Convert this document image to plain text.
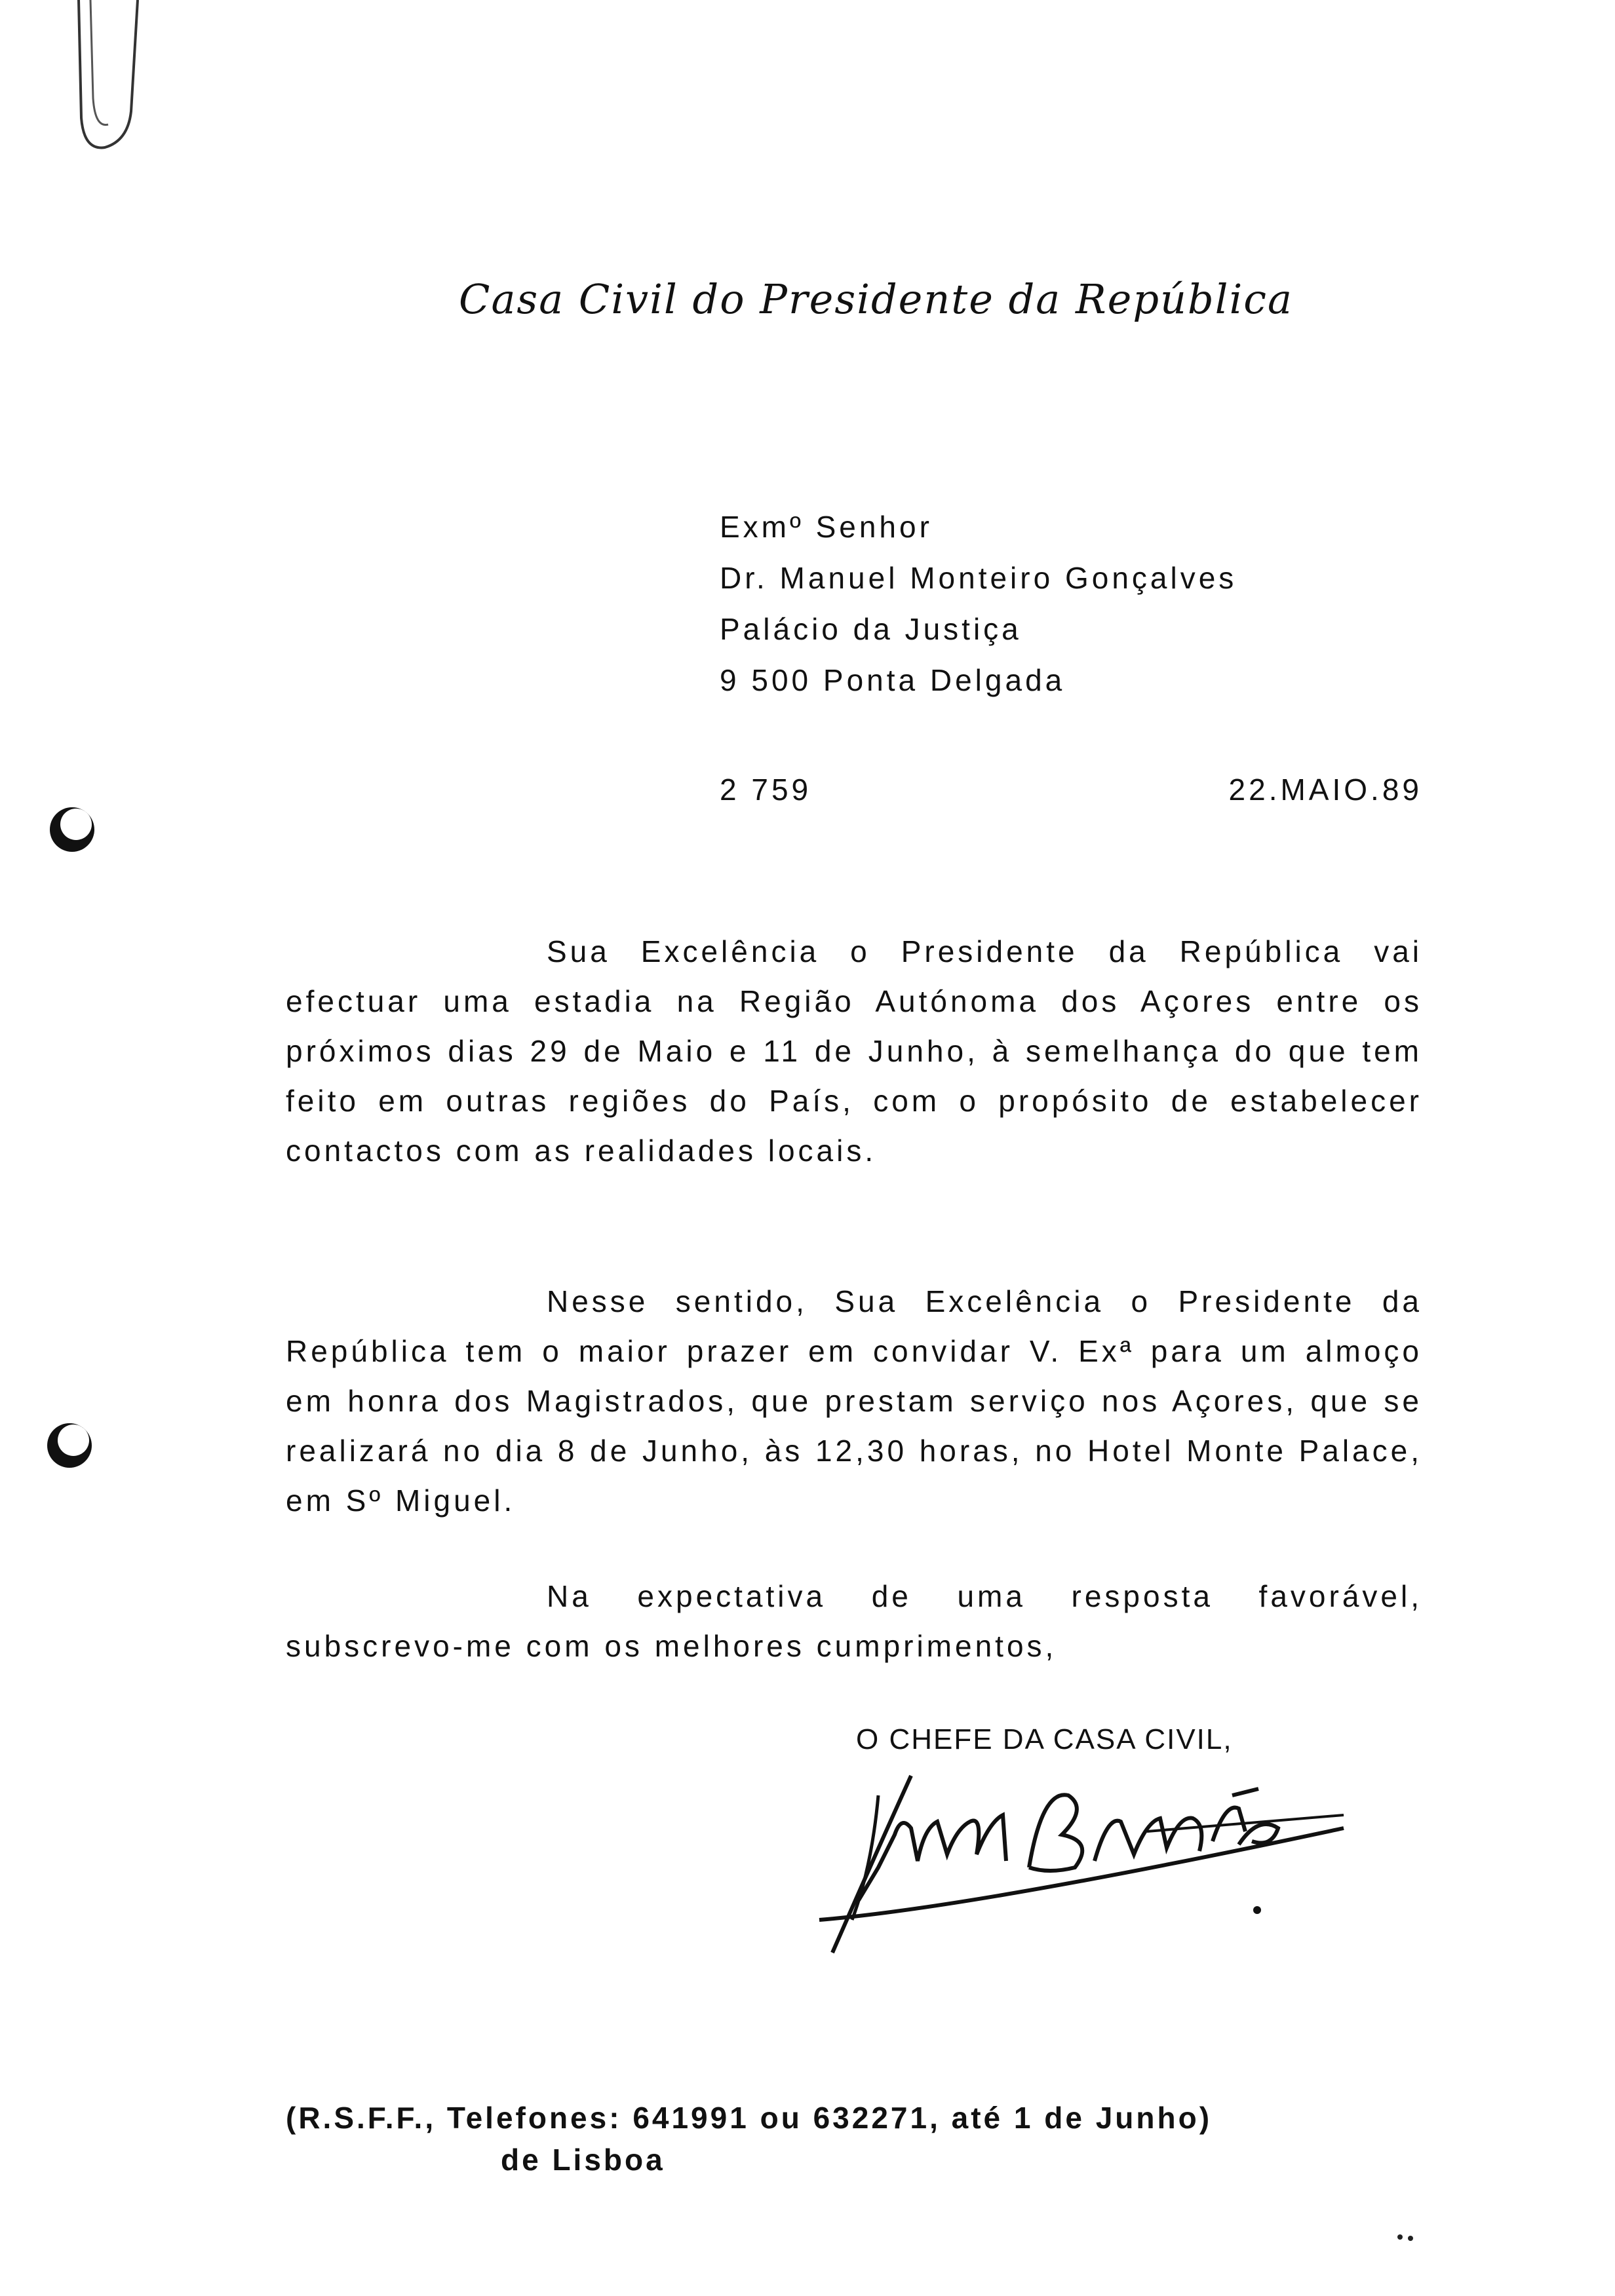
Casa Civil do Presidente da República
Exmº Senhor
Dr. Manuel Monteiro Gonçalves
Palácio da Justiça
9 500 Ponta Delgada
2 759	22.MAIO.89
Sua Excelência o Presidente da República vai efectuar uma estadia na Região Autónoma dos Açores entre os próximos dias 29 de Maio e 11 de Junho, à semelhança do que tem feito em outras regiões do País, com o propósito de estabelecer contactos com as realidades locais.
Nesse sentido, Sua Excelência o Presidente da República tem o maior prazer em convidar V. Exª para um almoço em honra dos Magistrados, que prestam serviço nos Açores, que se realizará no dia 8 de Junho, às 12,30 horas, no Hotel Monte Palace, em Sº Miguel.
Na expectativa de uma resposta favorável, subscrevo-me com os melhores cumprimentos,
O CHEFE DA CASA CIVIL,
(R.S.F.F., Telefones: 641991 ou 632271, até 1 de Junho)
de Lisboa
